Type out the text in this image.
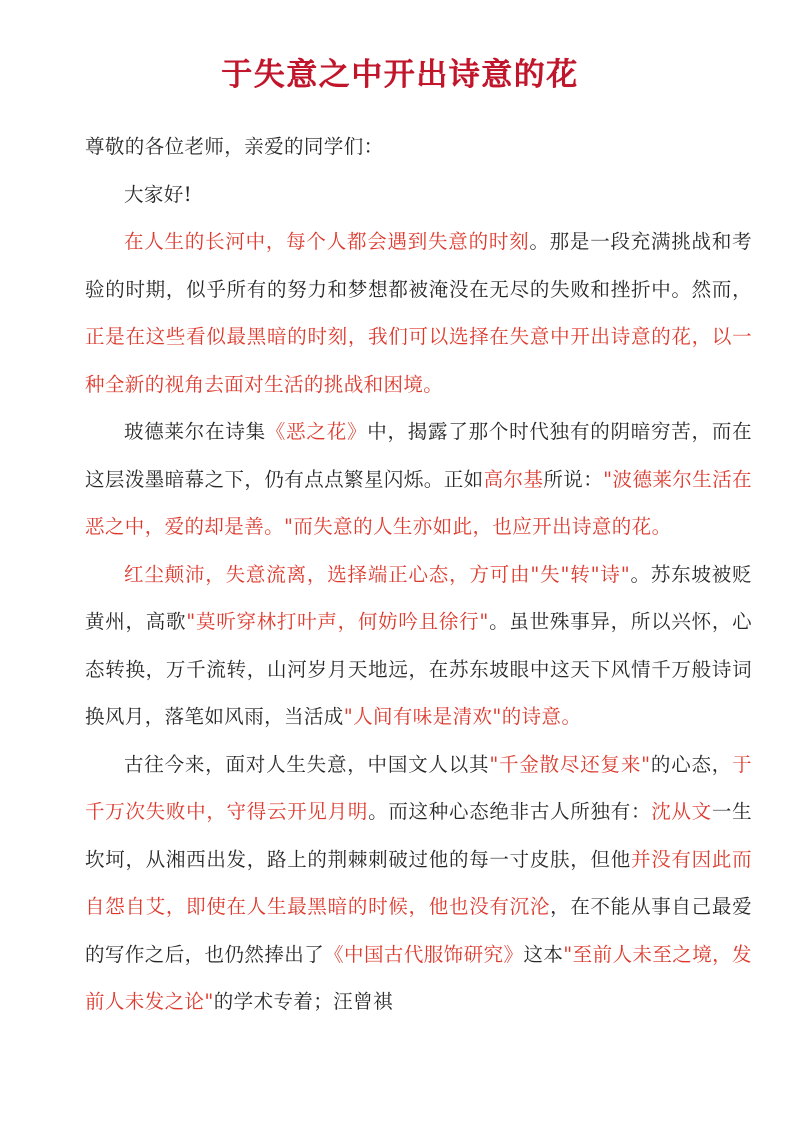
于失意之中开出诗意的花

尊敬的各位老师，亲爱的同学们：

大家好!

在人生的长河中，每个人都会遇到失意的时刻。那是一段充满挑战和考验的时期，似乎所有的努力和梦想都被淹没在无尽的失败和挫折中。然而，正是在这些看似最黑暗的时刻，我们可以选择在失意中开出诗意的花，以一种全新的视角去面对生活的挑战和困境。

玻德莱尔在诗集《恶之花》中，揭露了那个时代独有的阴暗穷苦，而在这层泼墨暗幕之下，仍有点点繁星闪烁。正如高尔基所说："波德莱尔生活在恶之中，爱的却是善。"而失意的人生亦如此，也应开出诗意的花。

红尘颠沛，失意流离，选择端正心态，方可由"失"转"诗"。苏东坡被贬黄州，高歌"莫听穿林打叶声，何妨吟且徐行"。虽世殊事异，所以兴怀，心态转换，万千流转，山河岁月天地远，在苏东坡眼中这天下风情千万般诗词换风月，落笔如风雨，当活成"人间有味是清欢"的诗意。

古往今来，面对人生失意，中国文人以其"千金散尽还复来"的心态，于千万次失败中，守得云开见月明。而这种心态绝非古人所独有：沈从文一生坎坷，从湘西出发，路上的荆棘刺破过他的每一寸皮肤，但他并没有因此而自怨自艾，即使在人生最黑暗的时候，他也没有沉沦，在不能从事自己最爱的写作之后，也仍然捧出了《中国古代服饰研究》这本"至前人未至之境，发前人未发之论"的学术专着；汪曾祺
